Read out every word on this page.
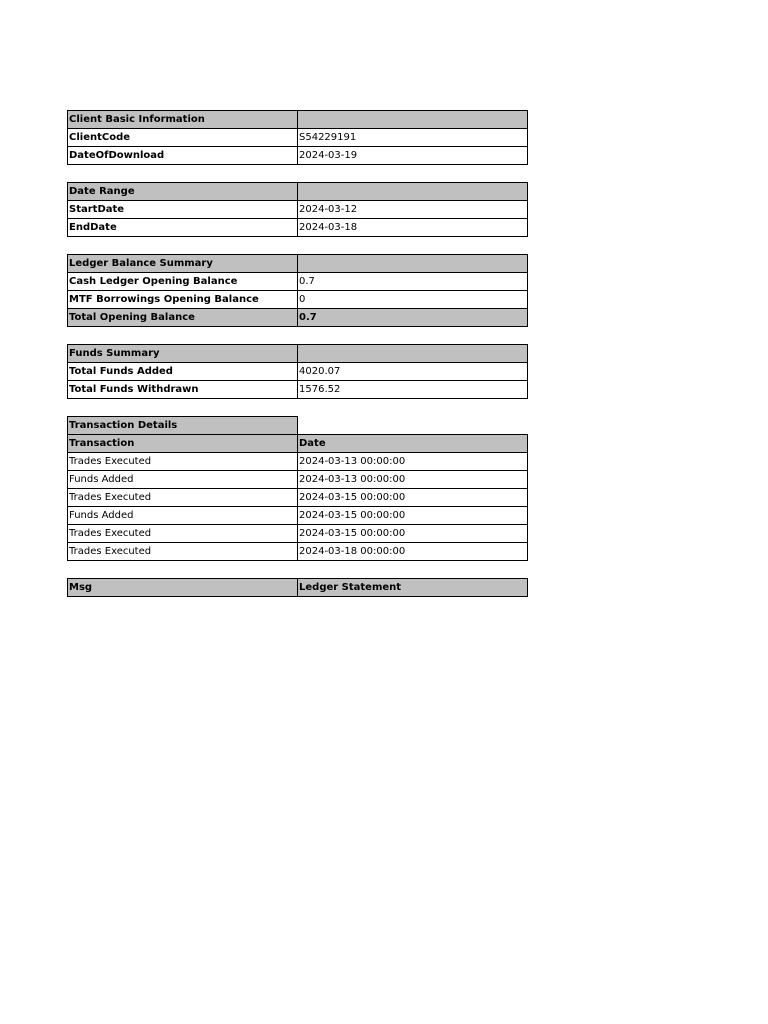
Client Basic Information	
ClientCode	S54229191
DateOfDownload	2024-03-19
Date Range	
StartDate	2024-03-12
EndDate	2024-03-18
Ledger Balance Summary	
Cash Ledger Opening Balance	0.7
MTF Borrowings Opening Balance	0
Total Opening Balance	0.7
Funds Summary	
Total Funds Added	4020.07
Total Funds Withdrawn	1576.52
Transaction Details	
Transaction	Date
Trades Executed	2024-03-13 00:00:00
Funds Added	2024-03-13 00:00:00
Trades Executed	2024-03-15 00:00:00
Funds Added	2024-03-15 00:00:00
Trades Executed	2024-03-15 00:00:00
Trades Executed	2024-03-18 00:00:00
Msg	Ledger Statement
